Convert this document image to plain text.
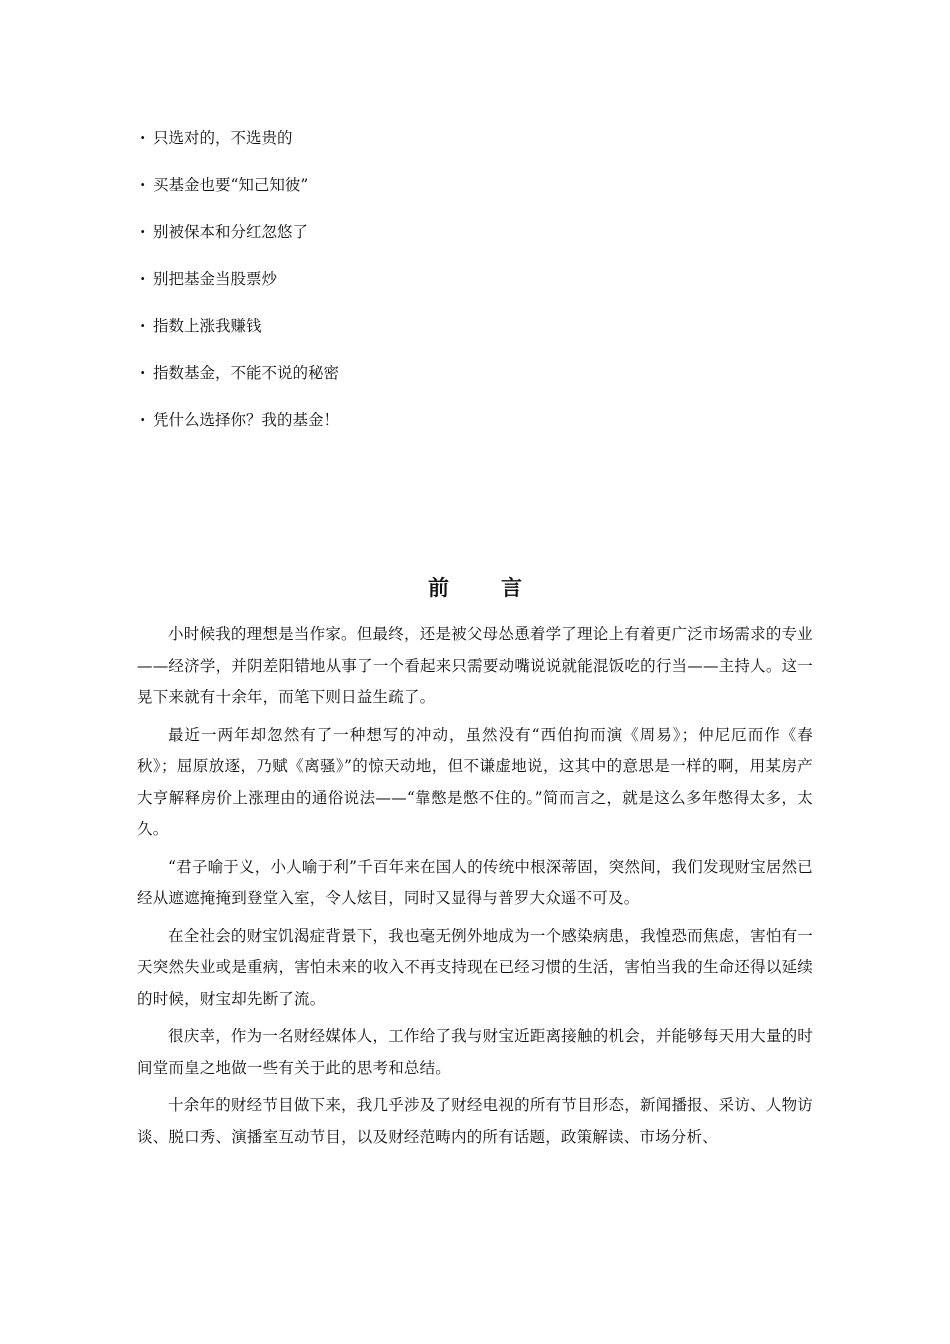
· 只选对的，不选贵的
· 买基金也要“知己知彼”
· 别被保本和分红忽悠了
· 别把基金当股票炒
· 指数上涨我赚钱
· 指数基金，不能不说的秘密
· 凭什么选择你？我的基金！
前 言

小时候我的理想是当作家。但最终，还是被父母怂恿着学了理论上有着更广泛市场需求的专业——经济学，并阴差阳错地从事了一个看起来只需要动嘴说说就能混饭吃的行当——主持人。这一晃下来就有十余年，而笔下则日益生疏了。

最近一两年却忽然有了一种想写的冲动，虽然没有“西伯拘而演《周易》；仲尼厄而作《春秋》；屈原放逐，乃赋《离骚》”的惊天动地，但不谦虚地说，这其中的意思是一样的啊，用某房产大亨解释房价上涨理由的通俗说法——“靠憋是憋不住的。”简而言之，就是这么多年憋得太多，太久。

“君子喻于义，小人喻于利”千百年来在国人的传统中根深蒂固，突然间，我们发现财宝居然已经从遮遮掩掩到登堂入室，令人炫目，同时又显得与普罗大众遥不可及。

在全社会的财宝饥渴症背景下，我也毫无例外地成为一个感染病患，我惶恐而焦虑，害怕有一天突然失业或是重病，害怕未来的收入不再支持现在已经习惯的生活，害怕当我的生命还得以延续的时候，财宝却先断了流。

很庆幸，作为一名财经媒体人，工作给了我与财宝近距离接触的机会，并能够每天用大量的时间堂而皇之地做一些有关于此的思考和总结。

十余年的财经节目做下来，我几乎涉及了财经电视的所有节目形态，新闻播报、采访、人物访谈、脱口秀、演播室互动节目，以及财经范畴内的所有话题，政策解读、市场分析、
